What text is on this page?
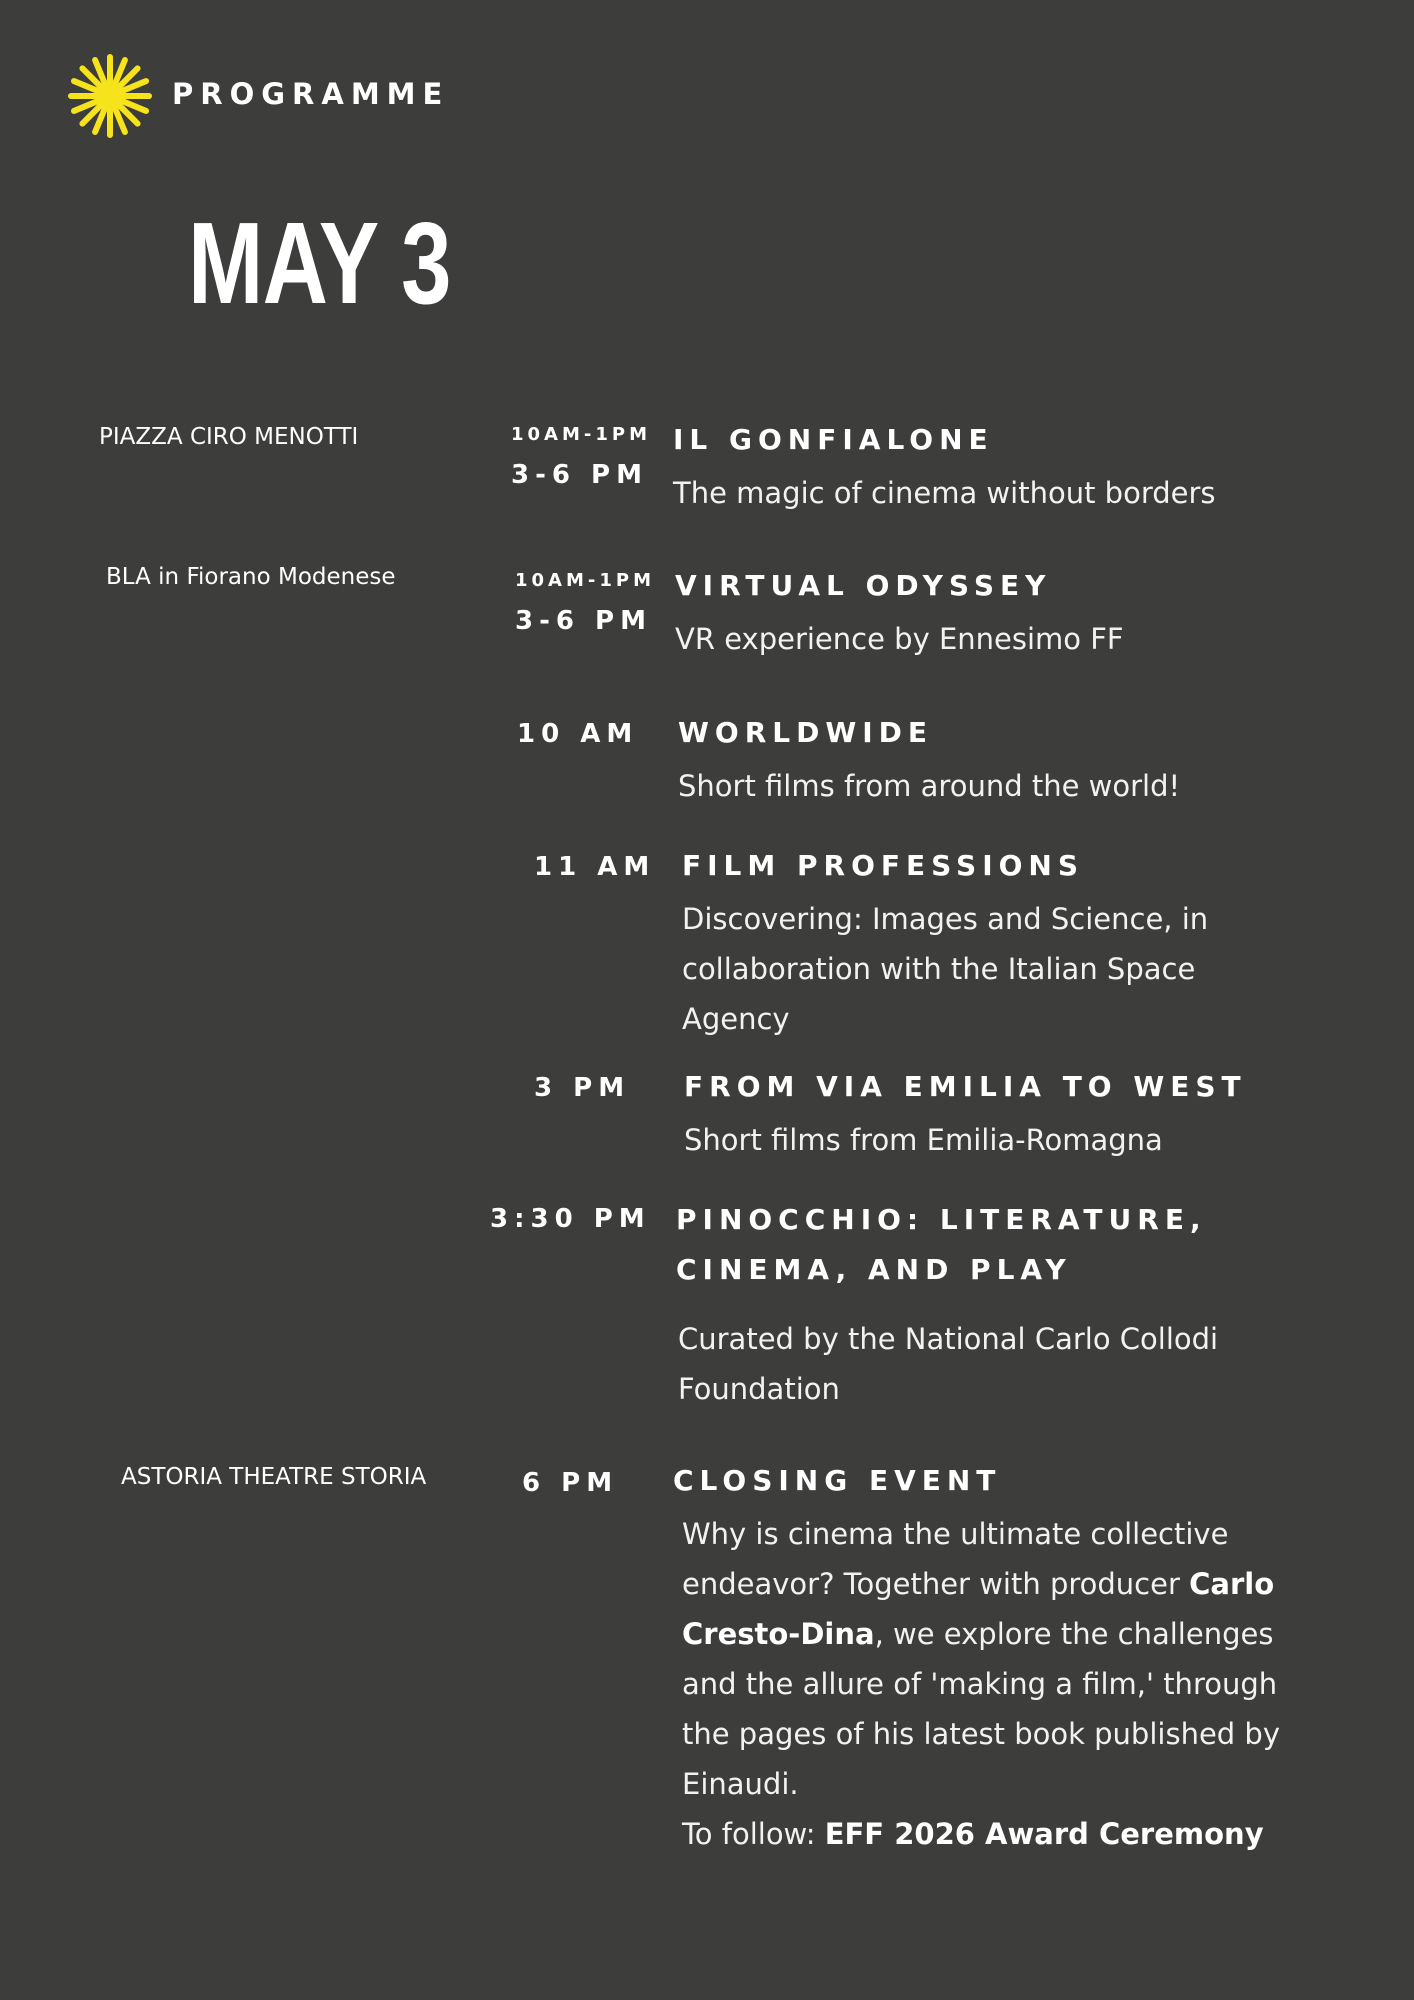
PROGRAMME
MAY 3
PIAZZA CIRO MENOTTI
BLA in Fiorano Modenese
ASTORIA THEATRE STORIA
10AM-1PM
3-6 PM
IL GONFIALONE
The magic of cinema without borders
10AM-1PM
3-6 PM
VIRTUAL ODYSSEY
VR experience by Ennesimo FF
10 AM WORLDWIDE
Short films from around the world!
11 AM FILM PROFESSIONS
Discovering: Images and Science, in collaboration with the Italian Space Agency
3 PM FROM VIA EMILIA TO WEST
Short films from Emilia-Romagna
3:30 PM PINOCCHIO: LITERATURE,
CINEMA, AND PLAY
Curated by the National Carlo Collodi Foundation
6 PM CLOSING EVENT
Why is cinema the ultimate collective endeavor? Together with producer Carlo Cresto-Dina, we explore the challenges and the allure of 'making a film,' through the pages of his latest book published by Einaudi.
To follow: EFF 2026 Award Ceremony
